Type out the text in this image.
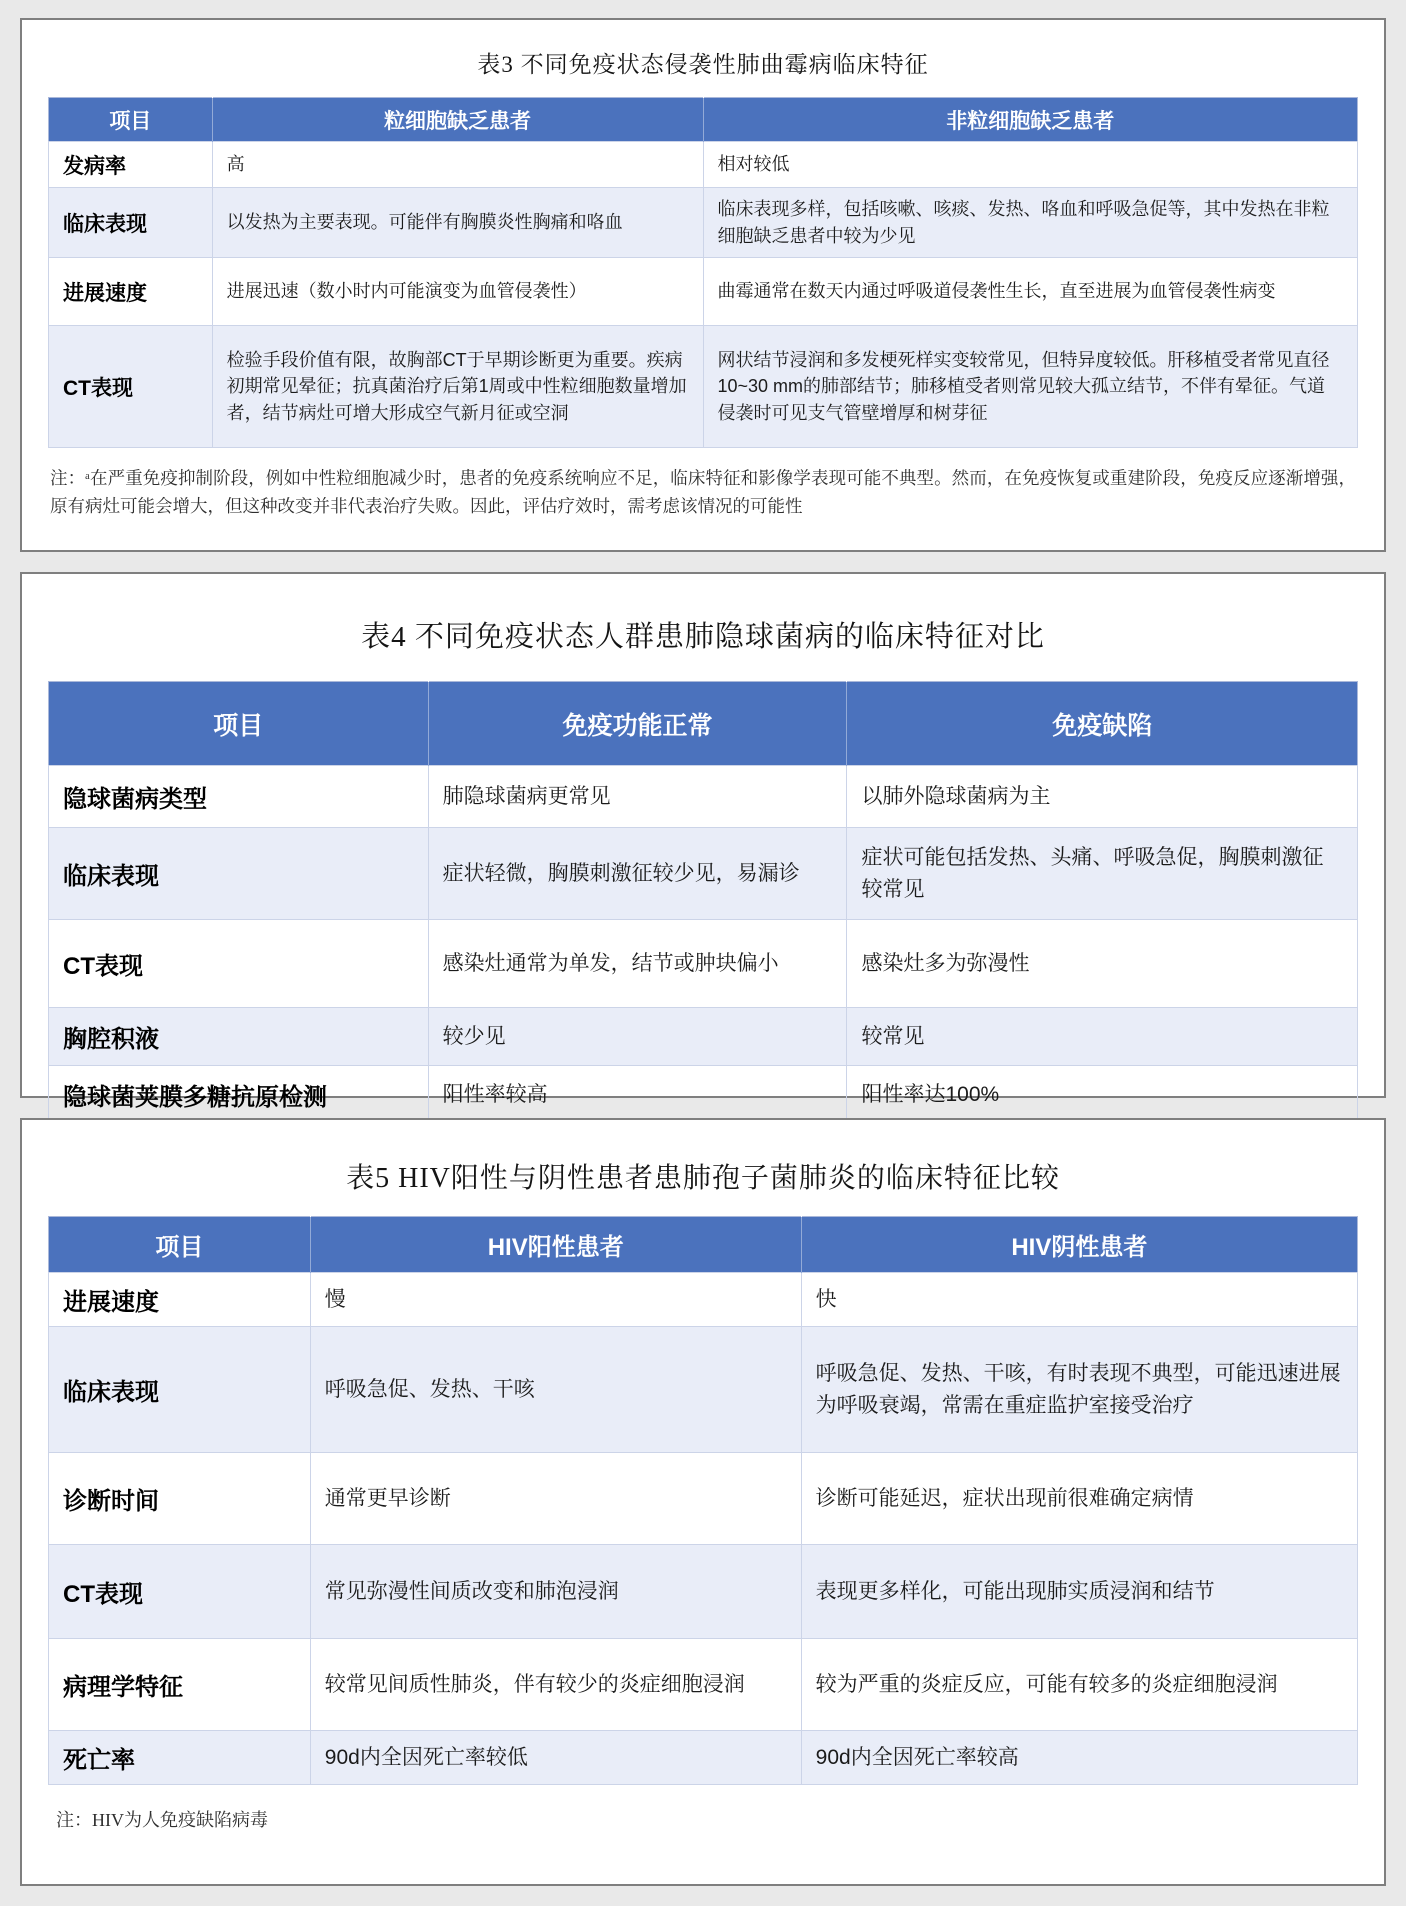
表3 不同免疫状态侵袭性肺曲霉病临床特征
项目	粒细胞缺乏患者	非粒细胞缺乏患者
发病率	高	相对较低
临床表现	以发热为主要表现。可能伴有胸膜炎性胸痛和咯血	临床表现多样，包括咳嗽、咳痰、发热、咯血和呼吸急促等，其中发热在非粒细胞缺乏患者中较为少见
进展速度	进展迅速（数小时内可能演变为血管侵袭性）	曲霉通常在数天内通过呼吸道侵袭性生长，直至进展为血管侵袭性病变
CT表现	检验手段价值有限，故胸部CT于早期诊断更为重要。疾病初期常见晕征；抗真菌治疗后第1周或中性粒细胞数量增加者，结节病灶可增大形成空气新月征或空洞	网状结节浸润和多发梗死样实变较常见，但特异度较低。肝移植受者常见直径10~30 mm的肺部结节；肺移植受者则常见较大孤立结节，不伴有晕征。气道侵袭时可见支气管壁增厚和树芽征

注：ᵃ在严重免疫抑制阶段，例如中性粒细胞减少时，患者的免疫系统响应不足，临床特征和影像学表现可能不典型。然而，在免疫恢复或重建阶段，免疫反应逐渐增强，原有病灶可能会增大，但这种改变并非代表治疗失败。因此，评估疗效时，需考虑该情况的可能性

表4 不同免疫状态人群患肺隐球菌病的临床特征对比
项目	免疫功能正常	免疫缺陷
隐球菌病类型	肺隐球菌病更常见	以肺外隐球菌病为主
临床表现	症状轻微，胸膜刺激征较少见，易漏诊	症状可能包括发热、头痛、呼吸急促，胸膜刺激征较常见
CT表现	感染灶通常为单发，结节或肿块偏小	感染灶多为弥漫性
胸腔积液	较少见	较常见
隐球菌荚膜多糖抗原检测	阳性率较高	阳性率达100%
表5 HIV阳性与阴性患者患肺孢子菌肺炎的临床特征比较
项目	HIV阳性患者	HIV阴性患者
进展速度	慢	快
临床表现	呼吸急促、发热、干咳	呼吸急促、发热、干咳，有时表现不典型，可能迅速进展为呼吸衰竭，常需在重症监护室接受治疗
诊断时间	通常更早诊断	诊断可能延迟，症状出现前很难确定病情
CT表现	常见弥漫性间质改变和肺泡浸润	表现更多样化，可能出现肺实质浸润和结节
病理学特征	较常见间质性肺炎，伴有较少的炎症细胞浸润	较为严重的炎症反应，可能有较多的炎症细胞浸润
死亡率	90d内全因死亡率较低	90d内全因死亡率较高

注：HIV为人免疫缺陷病毒
